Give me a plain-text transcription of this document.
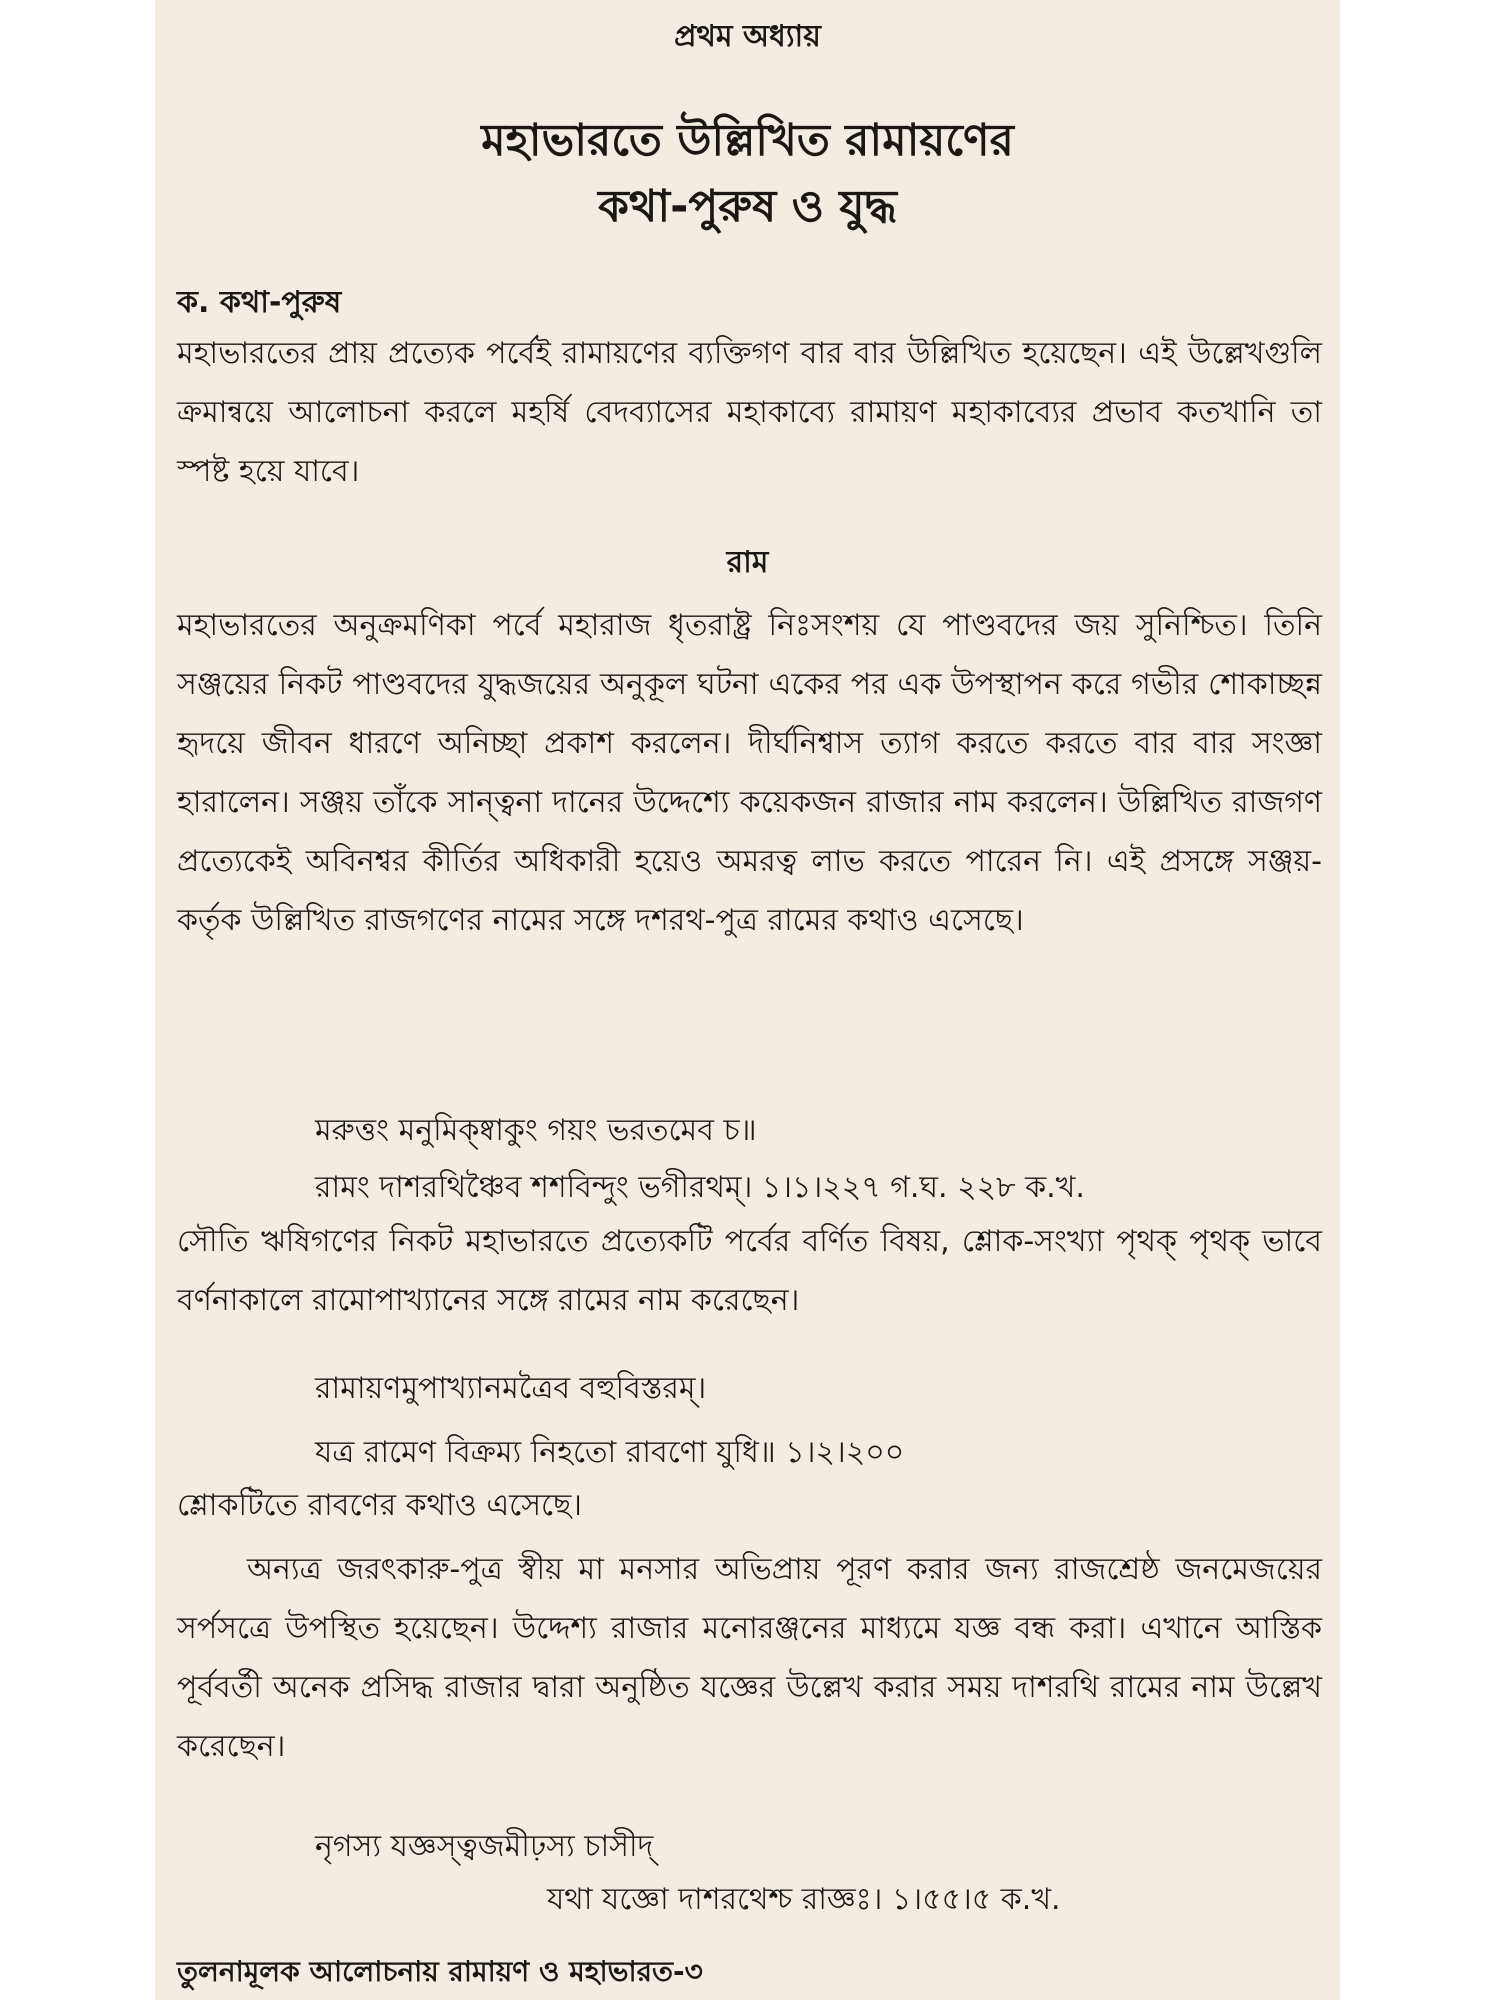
প্রথম অধ্যায়
মহাভারতে উল্লিখিত রামায়ণের
কথা-পুরুষ ও যুদ্ধ
ক. কথা-পুরুষ
মহাভারতের প্রায় প্রত্যেক পর্বেই রামায়ণের ব্যক্তিগণ বার বার উল্লিখিত হয়েছেন। এই উল্লেখগুলি ক্রমান্বয়ে আলোচনা করলে মহর্ষি বেদব্যাসের মহাকাব্যে রামায়ণ মহাকাব্যের প্রভাব কতখানি তা স্পষ্ট হয়ে যাবে।
রাম
মহাভারতের অনুক্রমণিকা পর্বে মহারাজ ধৃতরাষ্ট্র নিঃসংশয় যে পাণ্ডবদের জয় সুনিশ্চিত। তিনি সঞ্জয়ের নিকট পাণ্ডবদের যুদ্ধজয়ের অনুকূল ঘটনা একের পর এক উপস্থাপন করে গভীর শোকাচ্ছন্ন হৃদয়ে জীবন ধারণে অনিচ্ছা প্রকাশ করলেন। দীর্ঘনিশ্বাস ত্যাগ করতে করতে বার বার সংজ্ঞা হারালেন। সঞ্জয় তাঁকে সান্ত্বনা দানের উদ্দেশ্যে কয়েকজন রাজার নাম করলেন। উল্লিখিত রাজগণ প্রত্যেকেই অবিনশ্বর কীর্তির অধিকারী হয়েও অমরত্ব লাভ করতে পারেন নি। এই প্রসঙ্গে সঞ্জয়-কর্তৃক উল্লিখিত রাজগণের নামের সঙ্গে দশরথ-পুত্র রামের কথাও এসেছে।
মরুত্তং মনুমিক্ষ্বাকুং গয়ং ভরতমেব চ॥
রামং দাশরথিঞ্চৈব শশবিন্দুং ভগীরথম্। ১।১।২২৭ গ.ঘ. ২২৮ ক.খ.
সৌতি ঋষিগণের নিকট মহাভারতে প্রত্যেকটি পর্বের বর্ণিত বিষয়, শ্লোক-সংখ্যা পৃথক্ পৃথক্ ভাবে বর্ণনাকালে রামোপাখ্যানের সঙ্গে রামের নাম করেছেন।
রামায়ণমুপাখ্যানমত্রৈব বহুবিস্তরম্।
যত্র রামেণ বিক্রম্য নিহতো রাবণো যুধি॥ ১।২।২০০
শ্লোকটিতে রাবণের কথাও এসেছে।
অন্যত্র জরৎকারু-পুত্র স্বীয় মা মনসার অভিপ্রায় পূরণ করার জন্য রাজশ্রেষ্ঠ জনমেজয়ের সর্পসত্রে উপস্থিত হয়েছেন। উদ্দেশ্য রাজার মনোরঞ্জনের মাধ্যমে যজ্ঞ বন্ধ করা। এখানে আস্তিক পূর্ববর্তী অনেক প্রসিদ্ধ রাজার দ্বারা অনুষ্ঠিত যজ্ঞের উল্লেখ করার সময় দাশরথি রামের নাম উল্লেখ করেছেন।
নৃগস্য যজ্ঞস্ত্বজমীঢ়স্য চাসীদ্
যথা যজ্ঞো দাশরথেশ্চ রাজ্ঞঃ। ১।৫৫।৫ ক.খ.
তুলনামূলক আলোচনায় রামায়ণ ও মহাভারত-৩
